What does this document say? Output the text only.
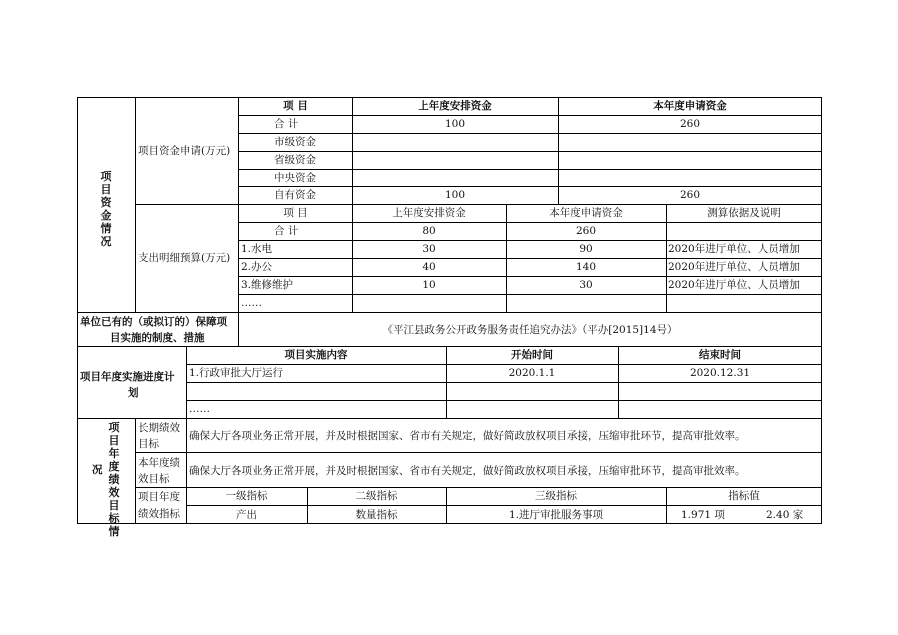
项目资金情况
项目资金申请(万元)
项 目	上年度安排资金	本年度申请资金
合 计	100	260
市级资金
省级资金
中央资金
自有资金	100	260
支出明细预算(万元)
项 目	上年度安排资金	本年度申请资金	测算依据及说明
合 计	80	260
1.水电	30	90	2020年进厅单位、人员增加
2.办公	40	140	2020年进厅单位、人员增加
3.维修维护	10	30	2020年进厅单位、人员增加
……
单位已有的（或拟订的）保障项
目实施的制度、措施
《平江县政务公开政务服务责任追究办法》（平办[2015]14号）
项目年度实施进度计
划
项目实施内容	开始时间	结束时间
1.行政审批大厅运行	2020.1.1	2020.12.31
……
项目年度绩效目标情
况
长期绩效
目标
确保大厅各项业务正常开展，并及时根据国家、省市有关规定，做好简政放权项目承接，压缩审批环节，提高审批效率。
本年度绩
效目标
确保大厅各项业务正常开展，并及时根据国家、省市有关规定，做好简政放权项目承接，压缩审批环节，提高审批效率。
项目年度
绩效指标
一级指标	二级指标	三级指标	指标值
产出	数量指标	1.进厅审批服务事项	1.971 项	2.40 家
